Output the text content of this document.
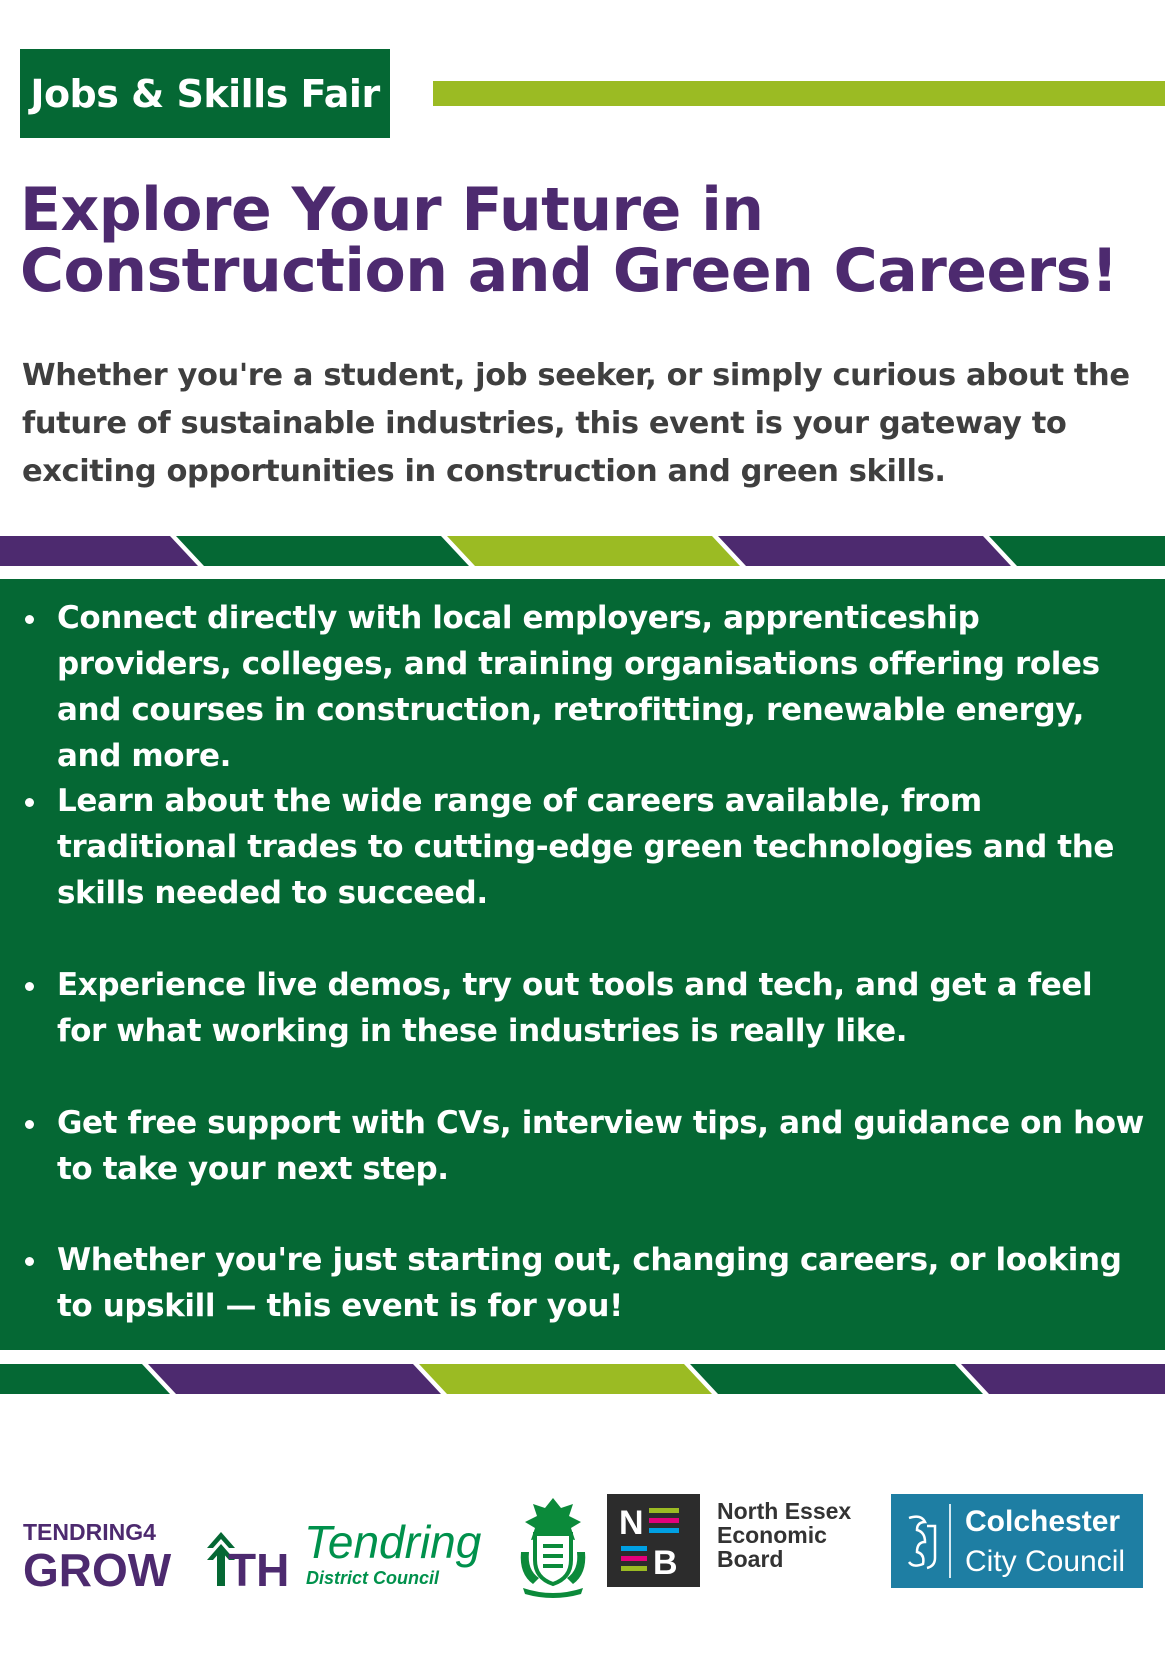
Jobs & Skills Fair
Explore Your Future in Construction and Green Careers!

Whether you're a student, job seeker, or simply curious about the future of sustainable industries, this event is your gateway to exciting opportunities in construction and green skills.

Connect directly with local employers, apprenticeship providers, colleges, and training organisations offering roles and courses in construction, retrofitting, renewable energy, and more.
Learn about the wide range of careers available, from traditional trades to cutting-edge green technologies and the skills needed to succeed.
Experience live demos, try out tools and tech, and get a feel for what working in these industries is really like.
Get free support with CVs, interview tips, and guidance on how to take your next step.
Whether you're just starting out, changing careers, or looking to upskill — this event is for you!
TENDRING4
GROW TH
Tendring
District Council
N
B
North Essex
Economic
Board
Colchester
City Council
